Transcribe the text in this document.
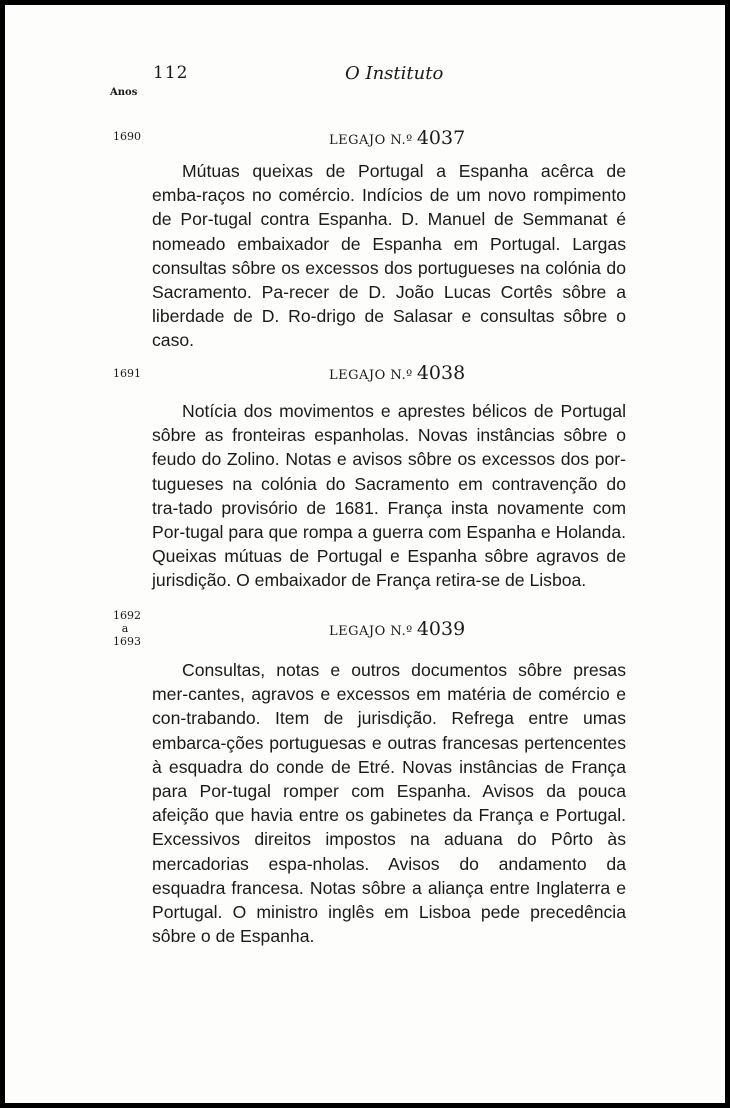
112	O Instituto
Anos
1690	LEGAJO N.º 4037
Mútuas queixas de Portugal a Espanha acêrca de emba-raços no comércio. Indícios de um novo rompimento de Por-tugal contra Espanha. D. Manuel de Semmanat é nomeado embaixador de Espanha em Portugal. Largas consultas sôbre os excessos dos portugueses na colónia do Sacramento. Pa-recer de D. João Lucas Cortês sôbre a liberdade de D. Ro-drigo de Salasar e consultas sôbre o caso.
1691	LEGAJO N.º 4038
Notícia dos movimentos e aprestes bélicos de Portugal sôbre as fronteiras espanholas. Novas instâncias sôbre o feudo do Zolino. Notas e avisos sôbre os excessos dos por-tugueses na colónia do Sacramento em contravenção do tra-tado provisório de 1681. França insta novamente com Por-tugal para que rompa a guerra com Espanha e Holanda. Queixas mútuas de Portugal e Espanha sôbre agravos de jurisdição. O embaixador de França retira-se de Lisboa.
1692
a
1693
LEGAJO N.º 4039
Consultas, notas e outros documentos sôbre presas mer-cantes, agravos e excessos em matéria de comércio e con-trabando. Item de jurisdição. Refrega entre umas embarca-ções portuguesas e outras francesas pertencentes à esquadra do conde de Etré. Novas instâncias de França para Por-tugal romper com Espanha. Avisos da pouca afeição que havia entre os gabinetes da França e Portugal. Excessivos direitos impostos na aduana do Pôrto às mercadorias espa-nholas. Avisos do andamento da esquadra francesa. Notas sôbre a aliança entre Inglaterra e Portugal. O ministro inglês em Lisboa pede precedência sôbre o de Espanha.
